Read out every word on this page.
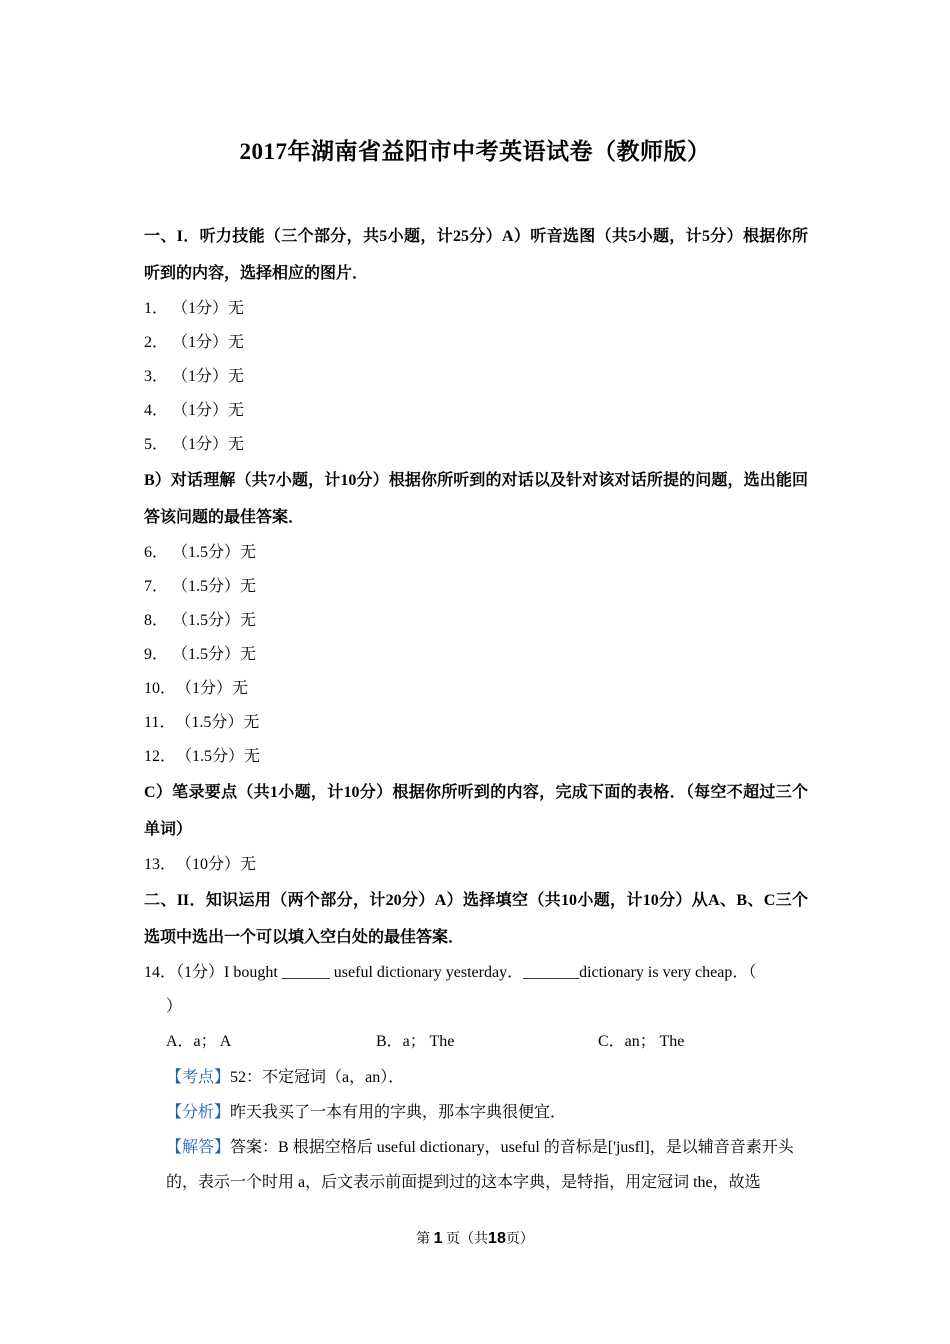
2017年湖南省益阳市中考英语试卷（教师版）
一、I．听力技能（三个部分，共5小题，计25分）A）听音选图（共5小题，计5分）根据你所听到的内容，选择相应的图片．
1． （1分）无
2． （1分）无
3． （1分）无
4． （1分）无
5． （1分）无
B）对话理解（共7小题，计10分）根据你所听到的对话以及针对该对话所提的问题，选出能回答该问题的最佳答案．
6． （1.5分）无
7． （1.5分）无
8． （1.5分）无
9． （1.5分）无
10．（1分）无
11．（1.5分）无
12．（1.5分）无
C）笔录要点（共1小题，计10分）根据你所听到的内容，完成下面的表格．（每空不超过三个单词）
13．（10分）无
二、II．知识运用（两个部分，计20分）A）选择填空（共10小题，计10分）从A、B、C三个选项中选出一个可以填入空白处的最佳答案．
14．（1分）I bought ______ useful dictionary yesterday．_______dictionary is very cheap．（
）
A．a； A	B．a； The	C．an； The
【考点】52：不定冠词（a，an）．
【分析】昨天我买了一本有用的字典，那本字典很便宜．
【解答】答案：B 根据空格后 useful dictionary，useful 的音标是['jusfl]，是以辅音音素开头的，表示一个时用 a，后文表示前面提到过的这本字典，是特指，用定冠词 the，故选
第 1 页（共18页）
